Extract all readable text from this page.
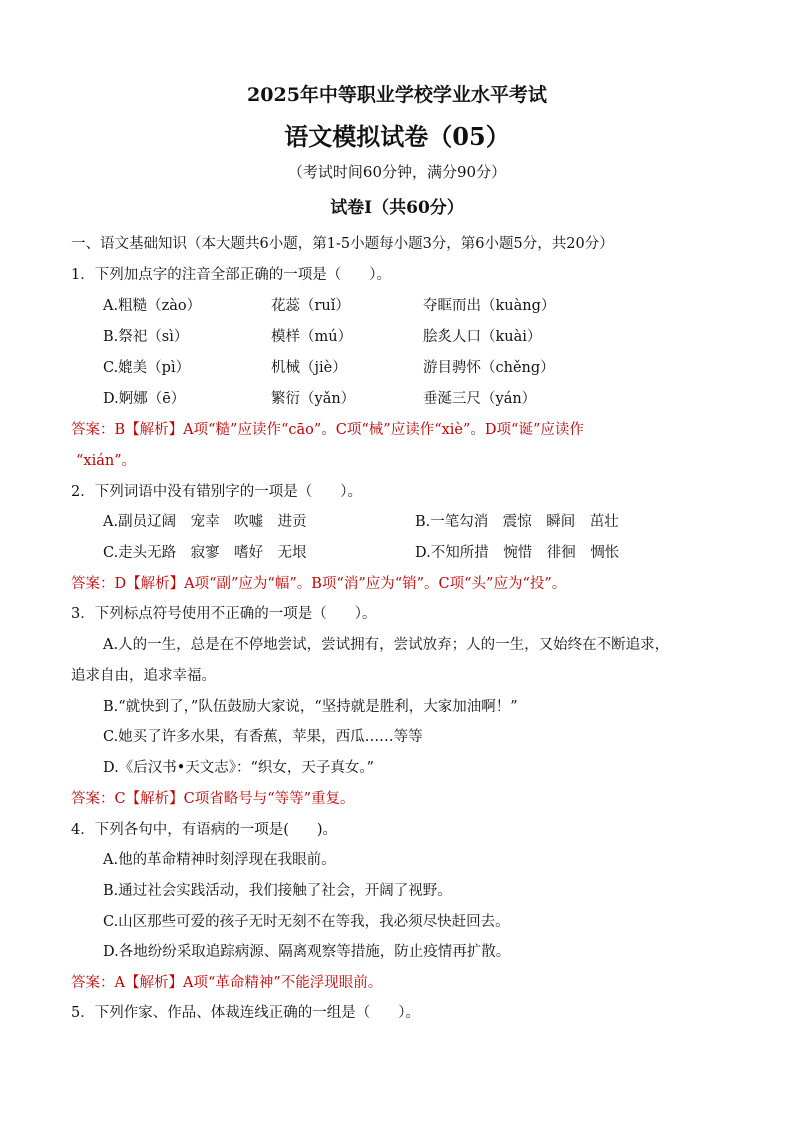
2025年中等职业学校学业水平考试
语文模拟试卷（05）
（考试时间60分钟，满分90分）
试卷Ⅰ（共60分）
一、语文基础知识（本大题共6小题，第1-5小题每小题3分，第6小题5分，共20分）
1．下列加点字的注音全部正确的一项是（ ）。
A.粗糙（zào）	花蕊（ruǐ）	夺眶而出（kuàng）
B.祭祀（sì）	模样（mú）	脍炙人口（kuài）
C.媲美（pì）	机械（jiè）	游目骋怀（chěng）
D.婀娜（ē）	繁衍（yǎn）	垂涎三尺（yán）
答案：B【解析】A项“糙”应读作“cāo”。C项“械”应读作“xiè”。D项“诞”应读作
“xián”。
2．下列词语中没有错别字的一项是（ ）。
A.副员辽阔　宠幸　吹嘘　进贡	B.一笔勾消　震惊　瞬间　茁壮
C.走头无路　寂寥　嗜好　无垠	D.不知所措　惋惜　徘徊　惆怅
答案：D【解析】A项“副”应为“幅”。B项“消”应为“销”。C项“头”应为“投”。
3．下列标点符号使用不正确的一项是（ ）。
A.人的一生，总是在不停地尝试，尝试拥有，尝试放弃；人的一生，又始终在不断追求，
追求自由，追求幸福。
B.“就快到了，”队伍鼓励大家说，“坚持就是胜利，大家加油啊！”
C.她买了许多水果，有香蕉，苹果，西瓜……等等
D.《后汉书•天文志》：“织女，天子真女。”
答案：C【解析】C项省略号与“等等”重复。
4．下列各句中，有语病的一项是( )。
A.他的革命精神时刻浮现在我眼前。
B.通过社会实践活动，我们接触了社会，开阔了视野。
C.山区那些可爱的孩子无时无刻不在等我，我必须尽快赶回去。
D.各地纷纷采取追踪病源、隔离观察等措施，防止疫情再扩散。
答案：A【解析】A项“革命精神”不能浮现眼前。
5．下列作家、作品、体裁连线正确的一组是（ ）。
